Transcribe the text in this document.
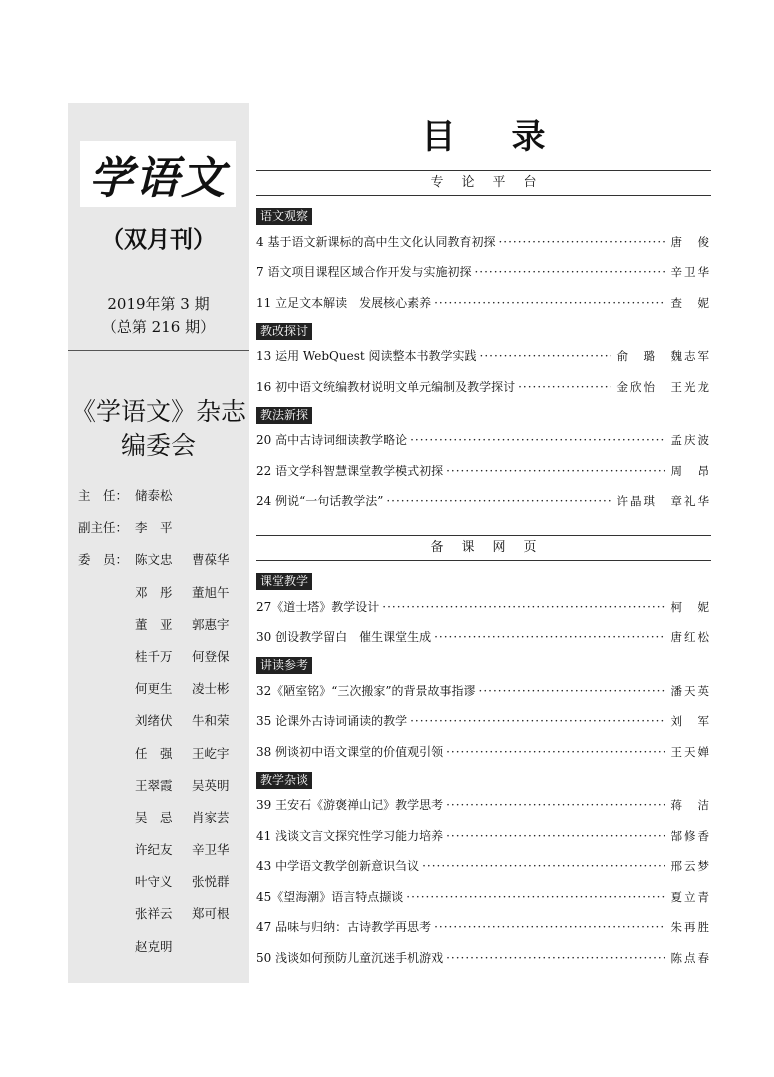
学语文
（双月刊）
2019年第 3 期
（总第 216 期）
《学语文》杂志
编委会
主　任： 储泰松
副主任： 李　平
委　员： 陈文忠 曹葆华
邓　彤 董旭午
董　亚 郭惠宇
桂千万 何登保
何更生 凌士彬
刘绪伏 牛和荣
任　强 王屹宇
王翠霞 吴英明
吴　忌 肖家芸
许纪友 辛卫华
叶守义 张悦群
张祥云 郑可根
赵克明
目录
专论平台
语文观察
4 基于语文新课标的高中生文化认同教育初探 ·····	唐　俊
7 语文项目课程区域合作开发与实施初探 ·····	辛卫华
11 立足文本解读　发展核心素养 ·····	查　妮
教改探讨
13 运用 WebQuest 阅读整本书教学实践 ·····	俞　璐　魏志军
16 初中语文统编教材说明文单元编制及教学探讨 ·····	金欣怡　王光龙
教法新探
20 高中古诗词细读教学略论 ·····	孟庆波
22 语文学科智慧课堂教学模式初探 ·····	周　昂
24 例说“一句话教学法” ·····	许晶琪　章礼华
备课网页
课堂教学
27《道士塔》教学设计 ·····	柯　妮
30 创设教学留白　催生课堂生成 ·····	唐红松
讲读参考
32《陋室铭》“三次搬家”的背景故事指谬 ·····	潘天英
35 论课外古诗词诵读的教学 ·····	刘　军
38 例谈初中语文课堂的价值观引领 ·····	王天婵
教学杂谈
39 王安石《游褒禅山记》教学思考 ·····	蒋　洁
41 浅谈文言文探究性学习能力培养 ·····	郜修香
43 中学语文教学创新意识刍议 ·····	邢云梦
45《望海潮》语言特点撷谈 ·····	夏立青
47 品味与归纳：古诗教学再思考 ·····	朱再胜
50 浅谈如何预防儿童沉迷手机游戏 ·····	陈点春
